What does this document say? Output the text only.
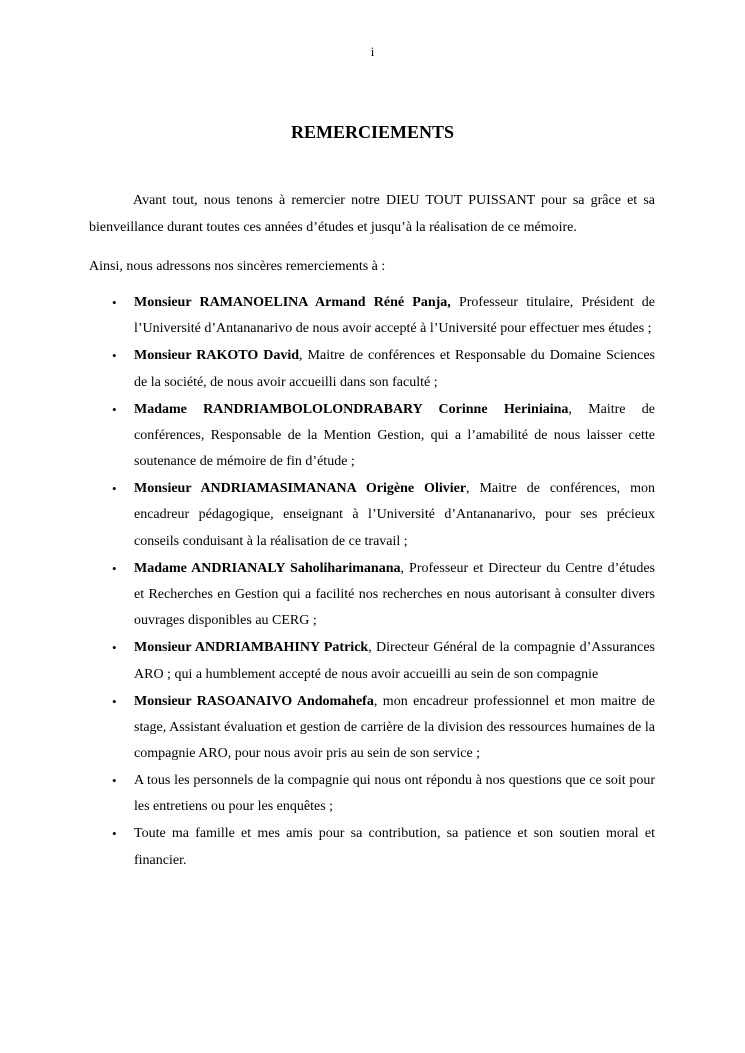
i
REMERCIEMENTS

Avant tout, nous tenons à remercier notre DIEU TOUT PUISSANT pour sa grâce et sa bienveillance durant toutes ces années d’études et jusqu’à la réalisation de ce mémoire.

Ainsi, nous adressons nos sincères remerciements à :

• Monsieur RAMANOELINA Armand Réné Panja, Professeur titulaire, Président de l’Université d’Antananarivo de nous avoir accepté à l’Université pour effectuer mes études ;
• Monsieur RAKOTO David, Maitre de conférences et Responsable du Domaine Sciences de la société, de nous avoir accueilli dans son faculté ;
• Madame RANDRIAMBOLOLONDRABARY Corinne Heriniaina, Maitre de conférences, Responsable de la Mention Gestion, qui a l’amabilité de nous laisser cette soutenance de mémoire de fin d’étude ;
• Monsieur ANDRIAMASIMANANA Origène Olivier, Maitre de conférences, mon encadreur pédagogique, enseignant à l’Université d’Antananarivo, pour ses précieux conseils conduisant à la réalisation de ce travail ;
• Madame ANDRIANALY Saholiharimanana, Professeur et Directeur du Centre d’études et Recherches en Gestion qui a facilité nos recherches en nous autorisant à consulter divers ouvrages disponibles au CERG ;
• Monsieur ANDRIAMBAHINY Patrick, Directeur Général de la compagnie d’Assurances ARO ; qui a humblement accepté de nous avoir accueilli au sein de son compagnie
• Monsieur RASOANAIVO Andomahefa, mon encadreur professionnel et mon maitre de stage, Assistant évaluation et gestion de carrière de la division des ressources humaines de la compagnie ARO, pour nous avoir pris au sein de son service ;
• A tous les personnels de la compagnie qui nous ont répondu à nos questions que ce soit pour les entretiens ou pour les enquêtes ;
• Toute ma famille et mes amis pour sa contribution, sa patience et son soutien moral et financier.
